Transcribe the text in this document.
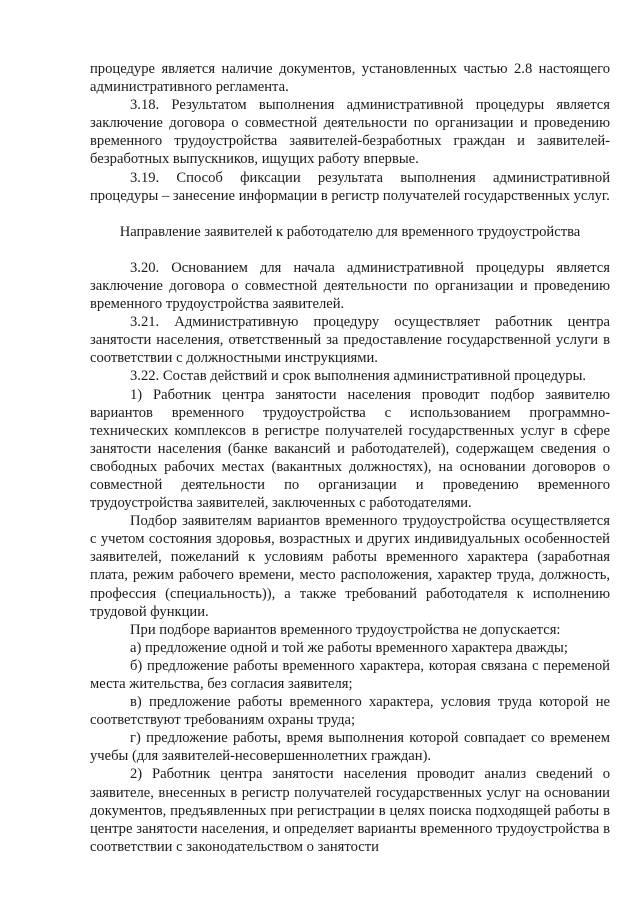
процедуре является наличие документов, установленных частью 2.8 настоящего административного регламента.

3.18. Результатом выполнения административной процедуры является заключение договора о совместной деятельности по организации и проведению временного трудоустройства заявителей-безработных граждан и заявителей-безработных выпускников, ищущих работу впервые.

3.19. Способ фиксации результата выполнения административной процедуры – занесение информации в регистр получателей государственных услуг.

Направление заявителей к работодателю для временного трудоустройства

3.20. Основанием для начала административной процедуры является заключение договора о совместной деятельности по организации и проведению временного трудоустройства заявителей.

3.21. Административную процедуру осуществляет работник центра занятости населения, ответственный за предоставление государственной услуги в соответствии с должностными инструкциями.

3.22. Состав действий и срок выполнения административной процедуры.

1) Работник центра занятости населения проводит подбор заявителю вариантов временного трудоустройства с использованием программно-технических комплексов в регистре получателей государственных услуг в сфере занятости населения (банке вакансий и работодателей), содержащем сведения о свободных рабочих местах (вакантных должностях), на основании договоров о совместной деятельности по организации и проведению временного трудоустройства заявителей, заключенных с работодателями.

Подбор заявителям вариантов временного трудоустройства осуществляется с учетом состояния здоровья, возрастных и других индивидуальных особенностей заявителей, пожеланий к условиям работы временного характера (заработная плата, режим рабочего времени, место расположения, характер труда, должность, профессия (специальность)), а также требований работодателя к исполнению трудовой функции.

При подборе вариантов временного трудоустройства не допускается:

а) предложение одной и той же работы временного характера дважды;

б) предложение работы временного характера, которая связана с переменой места жительства, без согласия заявителя;

в) предложение работы временного характера, условия труда которой не соответствуют требованиям охраны труда;

г) предложение работы, время выполнения которой совпадает со временем учебы (для заявителей-несовершеннолетних граждан).

2) Работник центра занятости населения проводит анализ сведений о заявителе, внесенных в регистр получателей государственных услуг на основании документов, предъявленных при регистрации в целях поиска подходящей работы в центре занятости населения, и определяет варианты временного трудоустройства в соответствии с законодательством о занятости
